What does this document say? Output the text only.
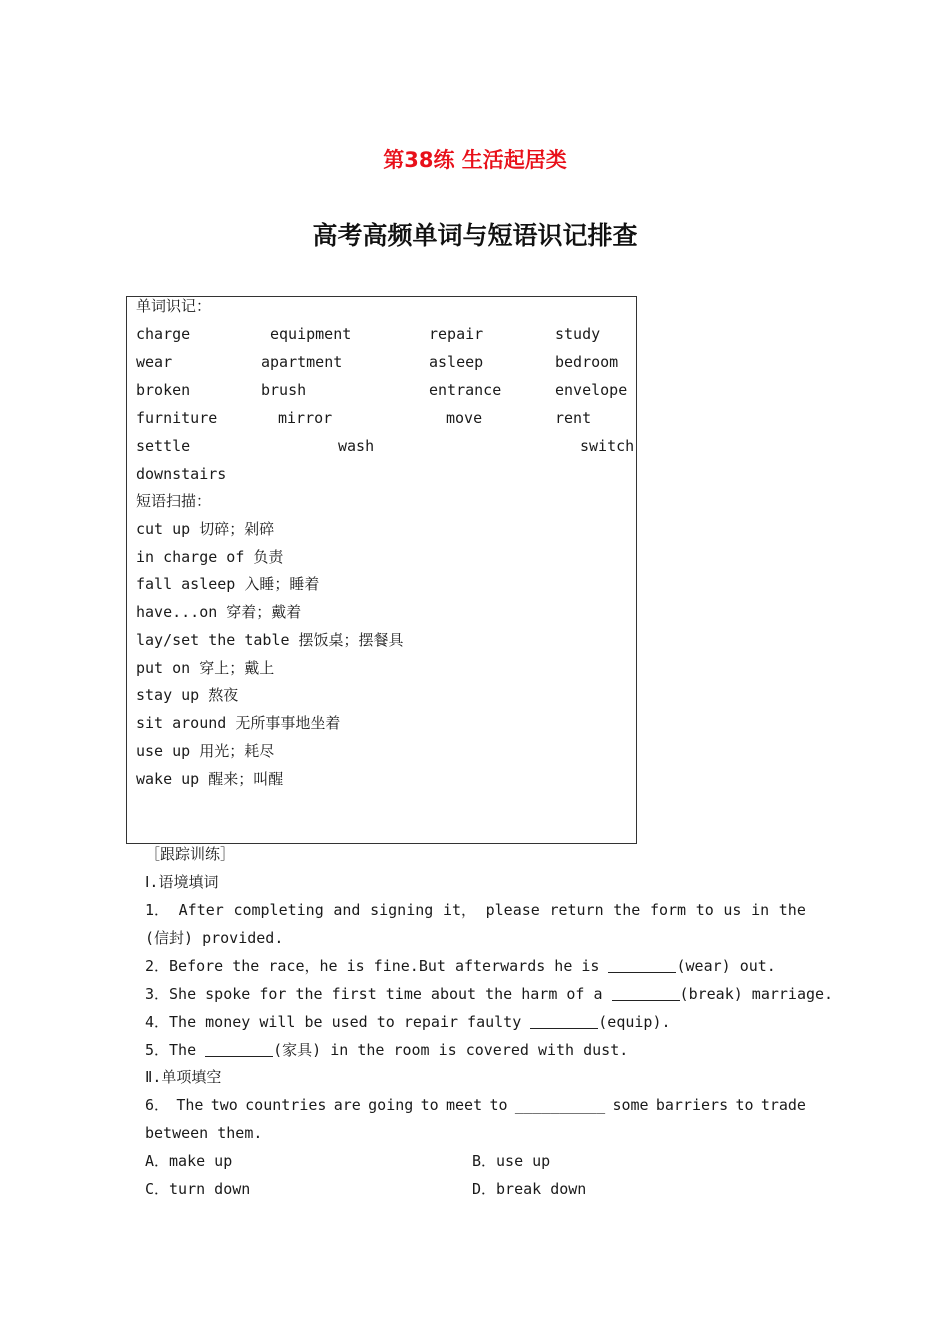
第38练 生活起居类
高考高频单词与短语识记排查
单词识记：
charge	equipment	repair	study
wear	apartment	asleep	bedroom
broken	brush	entrance	envelope
furniture	mirror	move	rent
settle	wash	switch
downstairs
短语扫描：
cut up 切碎；剁碎
in charge of 负责
fall asleep 入睡；睡着
have...on 穿着；戴着
lay/set the table 摆饭桌；摆餐具
put on 穿上；戴上
stay up 熬夜
sit around 无所事事地坐着
use up 用光；耗尽
wake up 醒来；叫醒
［跟踪训练］
Ⅰ.语境填词
1． After completing and signing it， please return the form to us in the
(信封) provided.
2．Before the race，he is fine.But afterwards he is	(wear) out.
3．She spoke for the first time about the harm of a	(break) marriage.
4．The money will be used to repair faulty	(equip).
5．The	(家具) in the room is covered with dust.
Ⅱ.单项填空
6． The two countries are going to meet to __________ some barriers to trade
between them.
A．make up	B．use up
C．turn down	D．break down
